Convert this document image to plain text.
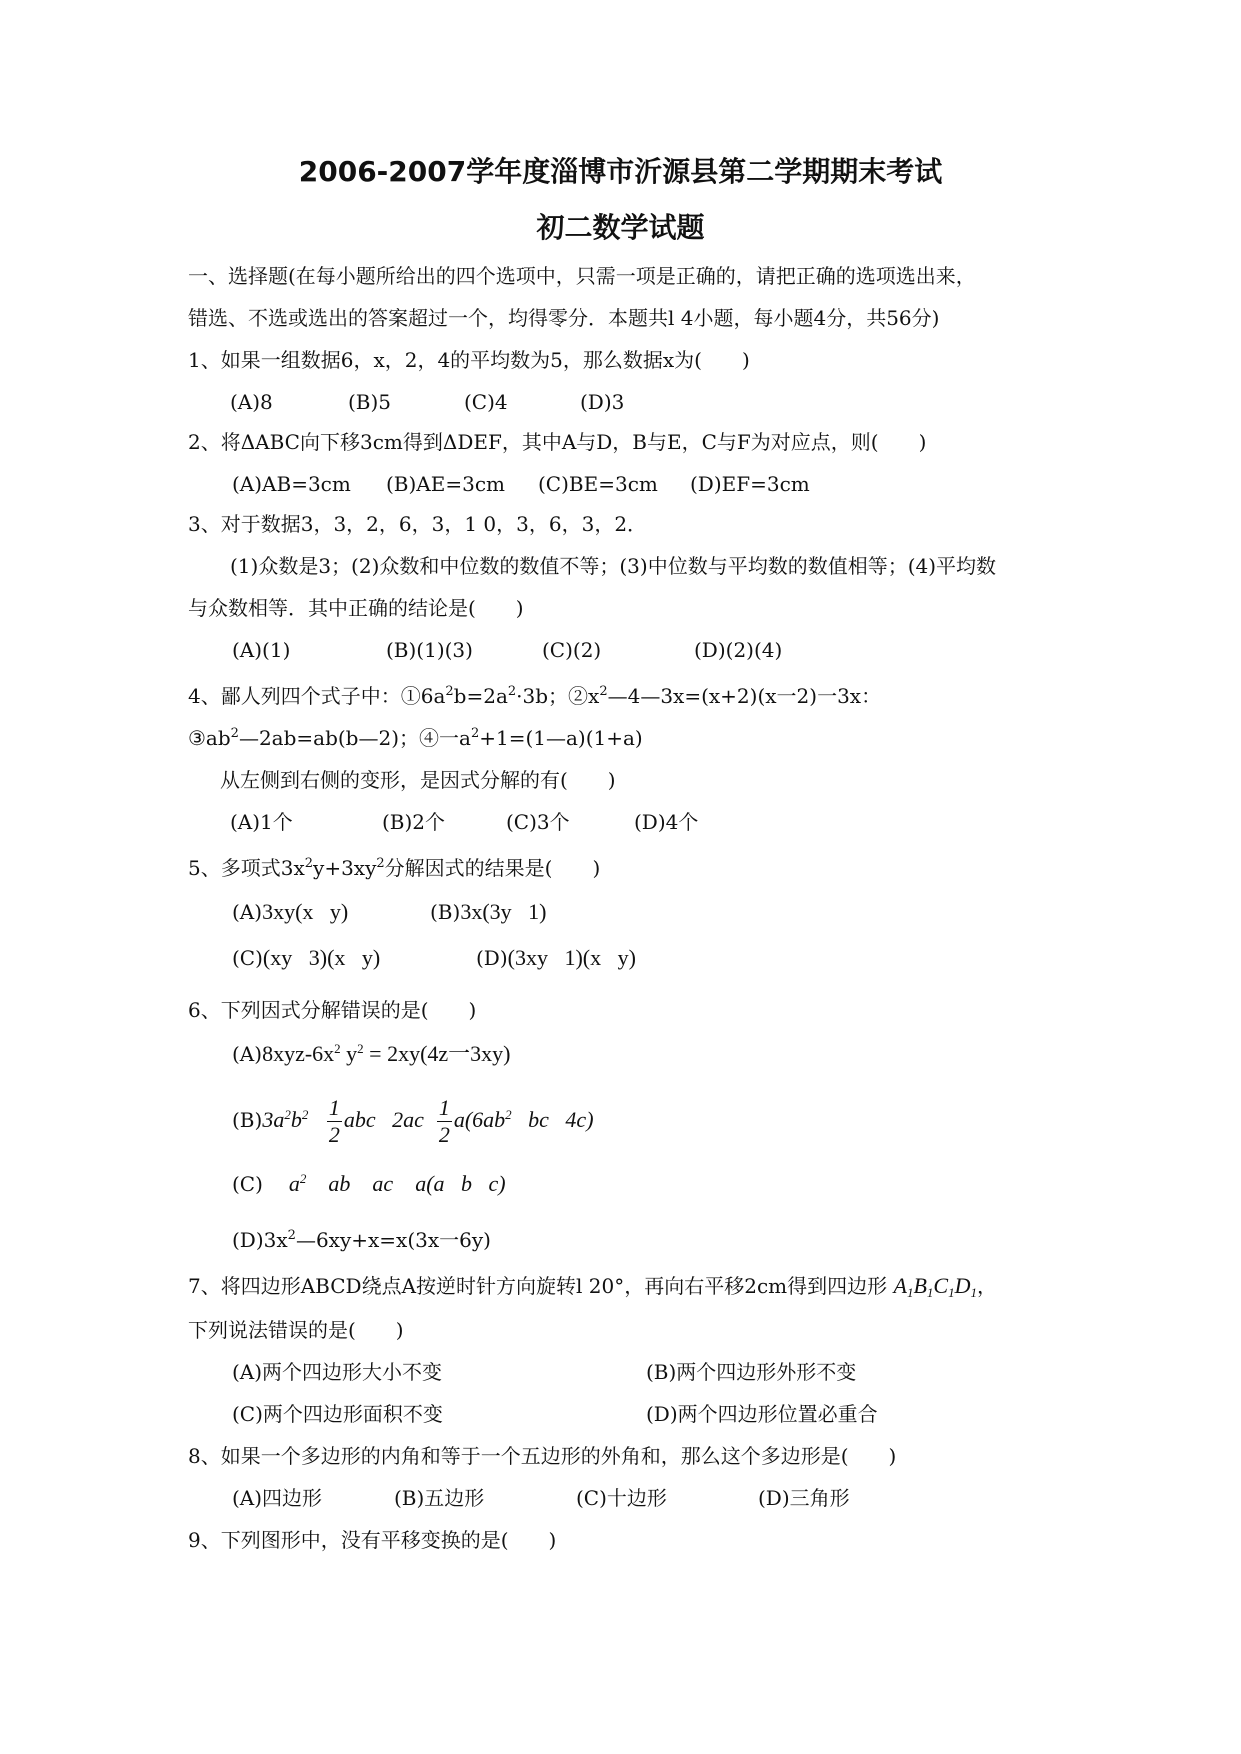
2006-2007学年度淄博市沂源县第二学期期末考试
初二数学试题
一、选择题(在每小题所给出的四个选项中，只需一项是正确的，请把正确的选项选出来，
错选、不选或选出的答案超过一个，均得零分．本题共l 4小题，每小题4分，共56分)
1、如果一组数据6，x，2，4的平均数为5，那么数据x为(　　)
(A)8	(B)5	(C)4	(D)3
2、将ΔABC向下移3cm得到ΔDEF，其中A与D，B与E，C与F为对应点，则(　　)
(A)AB=3cm (B)AE=3cm (C)BE=3cm (D)EF=3cm
3、对于数据3，3，2，6，3，1 0，3，6，3，2．
(1)众数是3；(2)众数和中位数的数值不等；(3)中位数与平均数的数值相等；(4)平均数
与众数相等．其中正确的结论是(　　)
(A)(1)	(B)(1)(3)	(C)(2)	(D)(2)(4)
4、鄙人列四个式子中：$①6a^2b=2a^2\cdot 3b$；$②x^2—4—3x=(x+2)(x$一2)一3x：
$③ab^2—2ab=ab(b—2)$；④一$a^2+1=(1—a)(1+a)$
从左侧到右侧的变形，是因式分解的有(　　)
(A)1个	(B)2个	(C)3个	(D)4个
5、多项式$3x^2y+3xy^2$分解因式的结果是(　　)
(A)3xy(x   y)	(B)3x(3y   1)
(C)(xy   3)(x   y)	(D)(3xy   1)(x   y)
6、下列因式分解错误的是(　　)
$(A)8xyz-6x^2$ $y^2 = 2xy(4z$一3xy)
$(B)3a^2b^2 \frac{1}{2}$ abc   $2ac \frac{1}{2} a(6ab^2$ bc   4c)
(C) $a^2$ ab ac a(a   b   c)
$(D)3x^2—6xy+x=x(3x$一6y)
7、将四边形ABCD绕点A按逆时针方向旋转l 20°，再向右平移2cm得到四边形 $A_1B_1C_1D_1$，
下列说法错误的是(　　)
(A)两个四边形大小不变	(B)两个四边形外形不变
(C)两个四边形面积不变	(D)两个四边形位置必重合
8、如果一个多边形的内角和等于一个五边形的外角和，那么这个多边形是(　　)
(A)四边形	(B)五边形	(C)十边形	(D)三角形
9、下列图形中，没有平移变换的是(　　)
